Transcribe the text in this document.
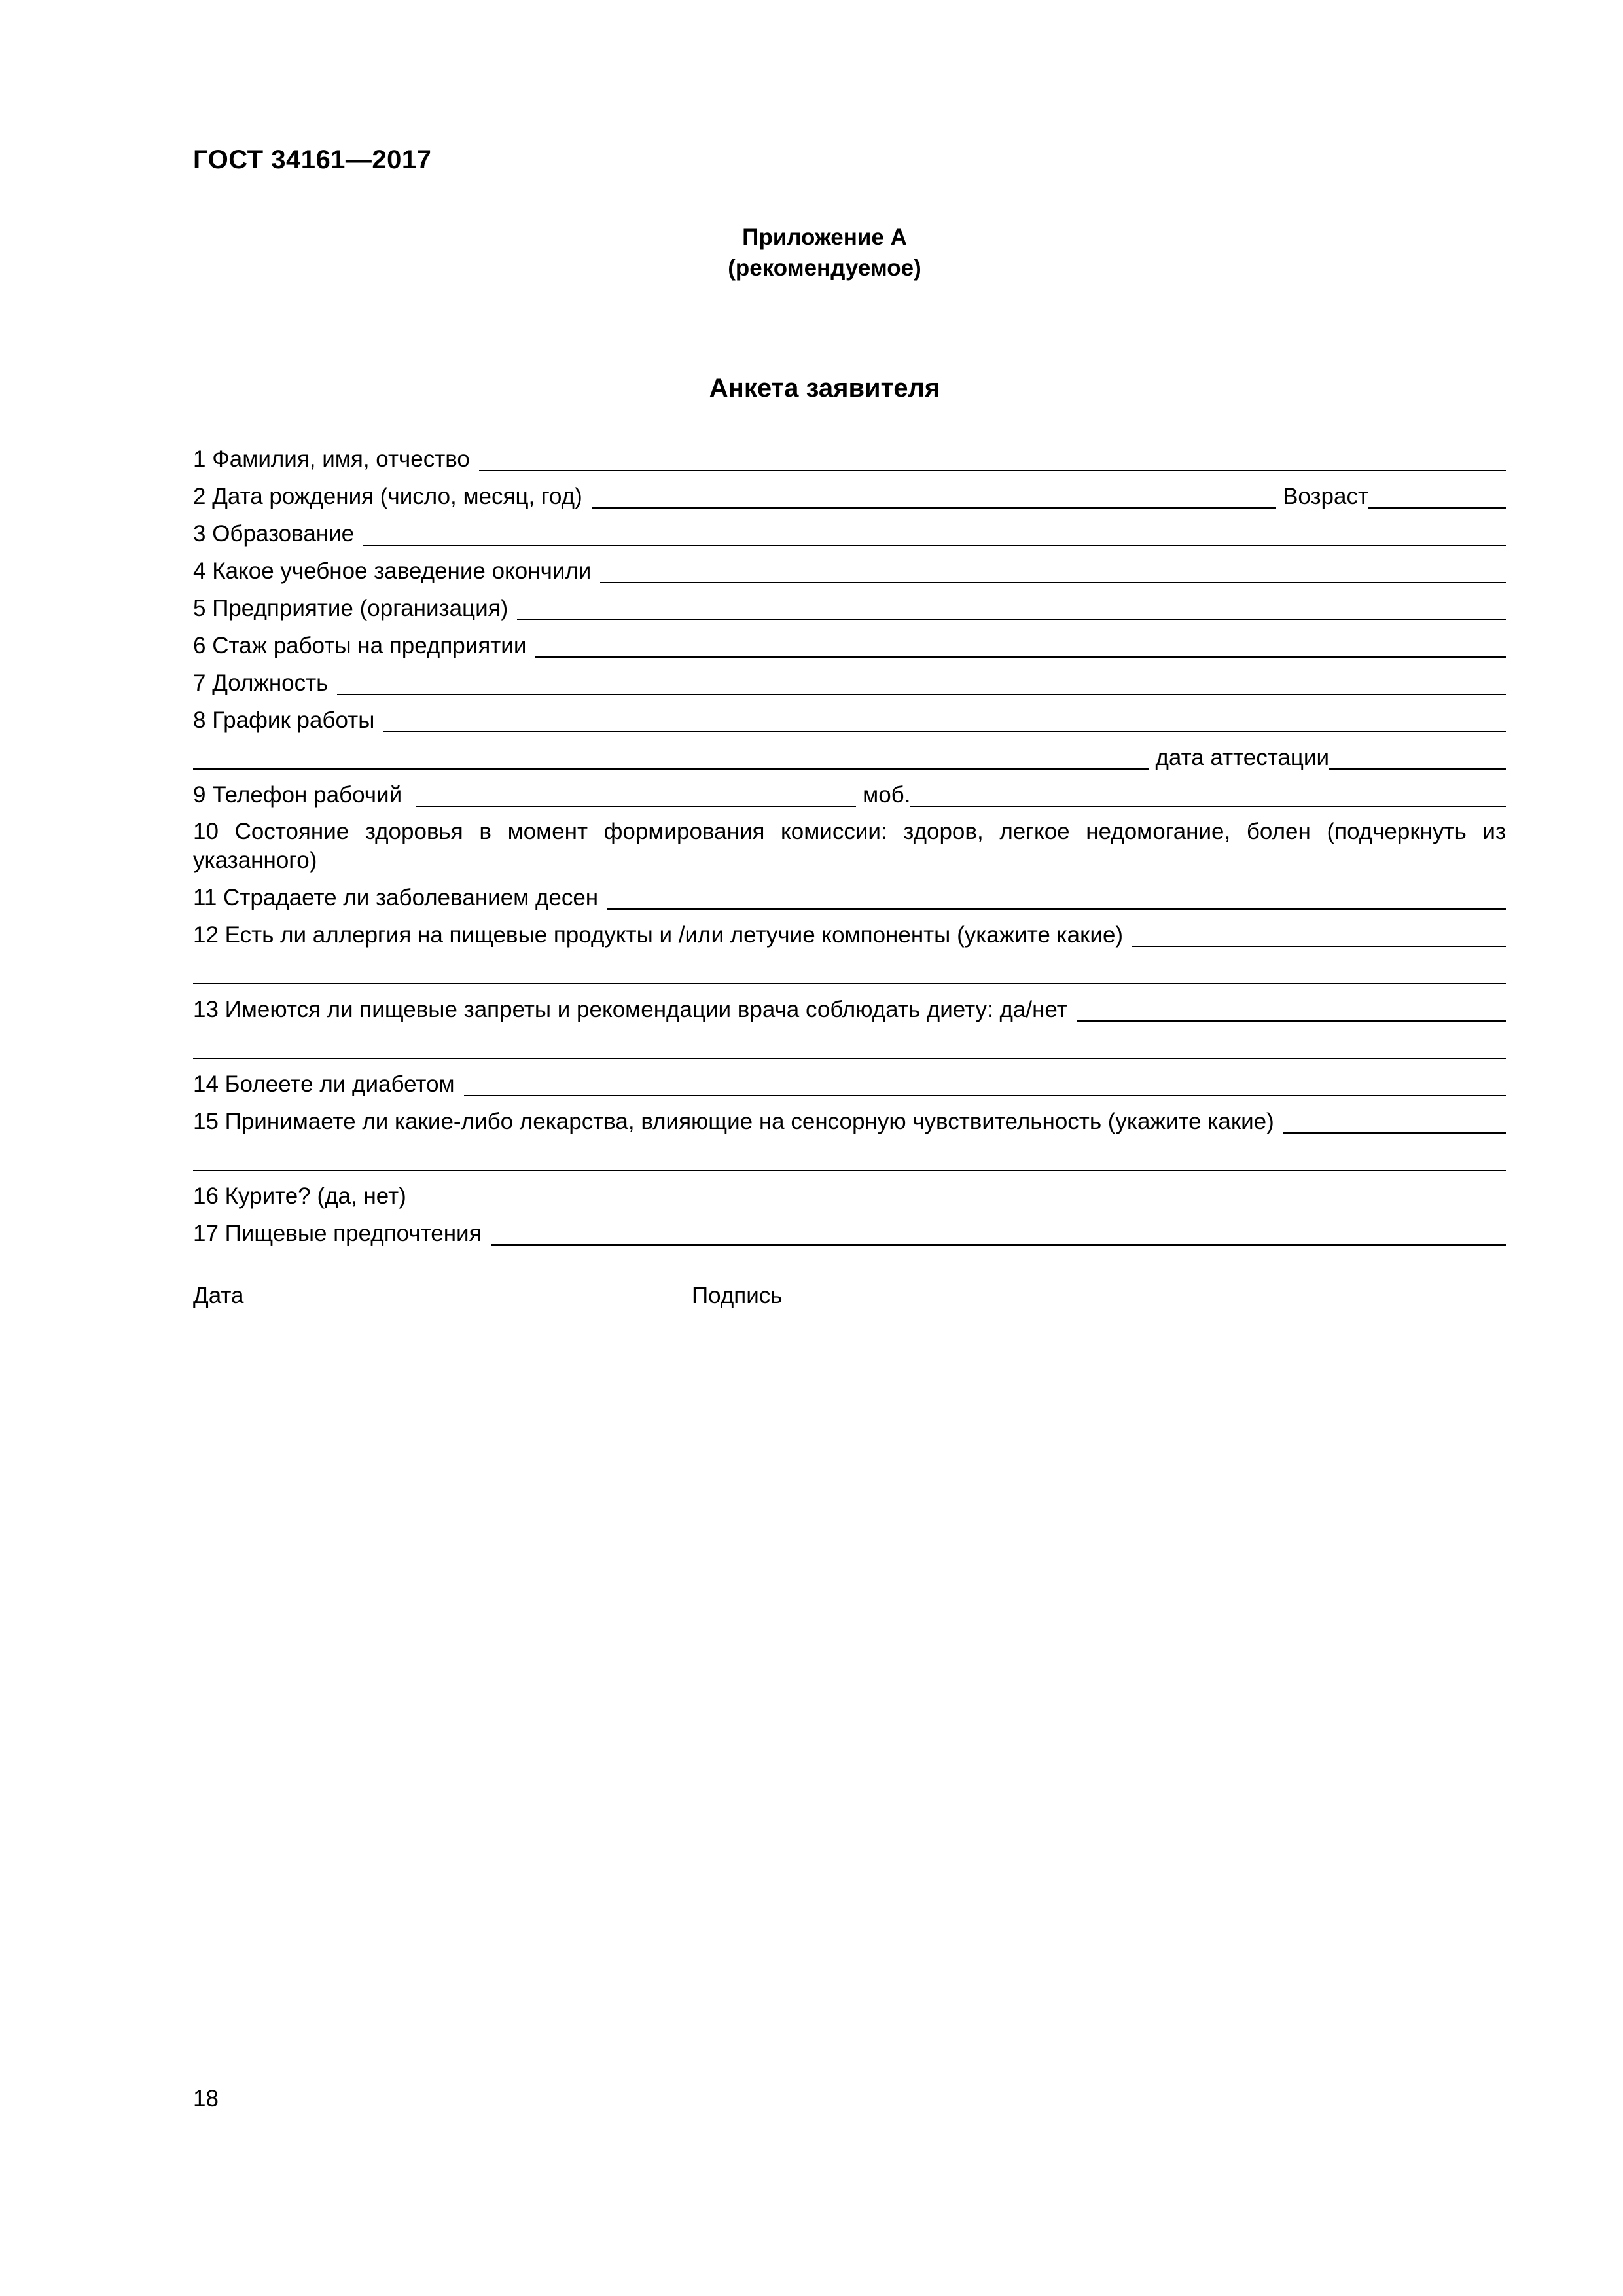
ГОСТ 34161—2017
Приложение А
(рекомендуемое)
Анкета заявителя
1 Фамилия, имя, отчество
2 Дата рождения (число, месяц, год)	Возраст
3 Образование
4 Какое учебное заведение окончили
5 Предприятие (организация)
6 Стаж работы на предприятии
7 Должность
8 График работы
дата аттестации
9 Телефон рабочий	моб.
10 Состояние здоровья в момент формирования комиссии: здоров, легкое недомогание, болен (подчеркнуть из указанного)
11 Страдаете ли заболеванием десен
12 Есть ли аллергия на пищевые продукты и /или летучие компоненты (укажите какие)
13 Имеются ли пищевые запреты и рекомендации врача соблюдать диету: да/нет
14 Болеете ли диабетом
15 Принимаете ли какие-либо лекарства, влияющие на сенсорную чувствительность (укажите какие)
16 Курите? (да, нет)
17 Пищевые предпочтения
Дата	Подпись
18
